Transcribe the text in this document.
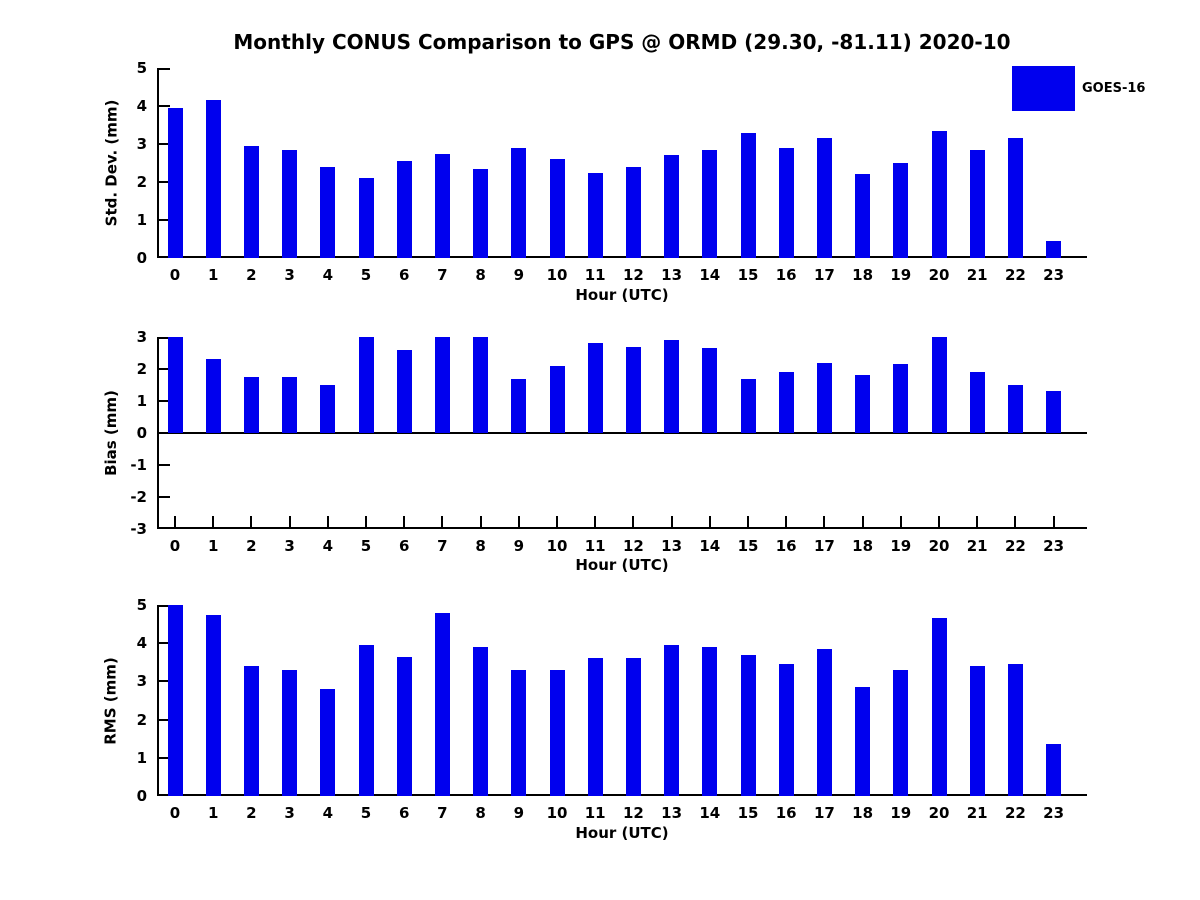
Monthly CONUS Comparison to GPS @ ORMD (29.30, -81.11) 2020-10
Std. Dev. (mm)
5
4
3
2
1
0
0	1	2	3	4	5	6	7	8	9	10	11	12	13	14	15	16	17	18	19	20	21	22	23
Hour (UTC)
GOES-16
Bias (mm)
3
2
1
0
-1
-2
-3
0	1	2	3	4	5	6	7	8	9	10	11	12	13	14	15	16	17	18	19	20	21	22	23
Hour (UTC)
RMS (mm)
5
4
3
2
1
0
0	1	2	3	4	5	6	7	8	9	10	11	12	13	14	15	16	17	18	19	20	21	22	23
Hour (UTC)
